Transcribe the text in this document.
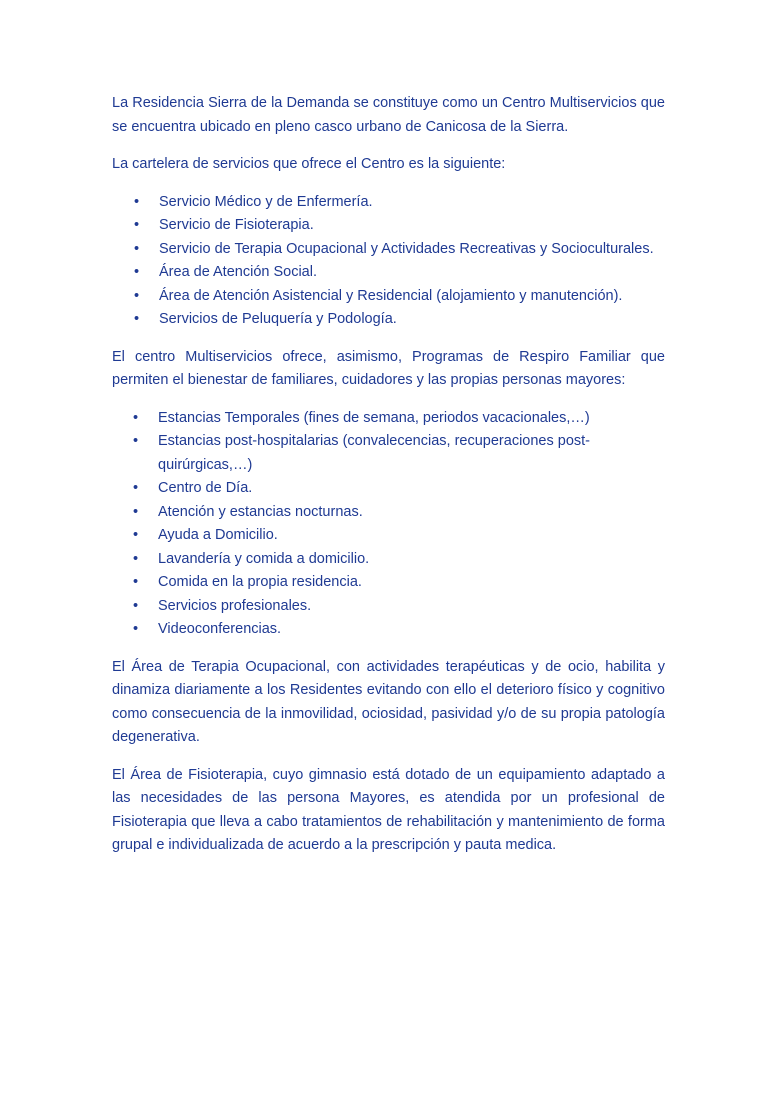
La Residencia Sierra de la Demanda se constituye como un Centro Multiservicios que se encuentra ubicado en pleno casco urbano de Canicosa de la Sierra.

La cartelera de servicios que ofrece el Centro es la siguiente:

• Servicio Médico y de Enfermería.
• Servicio de Fisioterapia.
• Servicio de Terapia Ocupacional y Actividades Recreativas y Socioculturales.
• Área de Atención Social.
• Área de Atención Asistencial y Residencial (alojamiento y manutención).
• Servicios de Peluquería y Podología.

El centro Multiservicios ofrece, asimismo, Programas de Respiro Familiar que permiten el bienestar de familiares, cuidadores y las propias personas mayores:

• Estancias Temporales (fines de semana, periodos vacacionales,…)
• Estancias post-hospitalarias (convalecencias, recuperaciones post-quirúrgicas,…)
• Centro de Día.
• Atención y estancias nocturnas.
• Ayuda a Domicilio.
• Lavandería y comida a domicilio.
• Comida en la propia residencia.
• Servicios profesionales.
• Videoconferencias.

El Área de Terapia Ocupacional, con actividades terapéuticas y de ocio, habilita y dinamiza diariamente a los Residentes evitando con ello el deterioro físico y cognitivo como consecuencia de la inmovilidad, ociosidad, pasividad y/o de su propia patología degenerativa.

El Área de Fisioterapia, cuyo gimnasio está dotado de un equipamiento adaptado a las necesidades de las persona Mayores, es atendida por un profesional de Fisioterapia que lleva a cabo tratamientos de rehabilitación y mantenimiento de forma grupal e individualizada de acuerdo a la prescripción y pauta medica.
